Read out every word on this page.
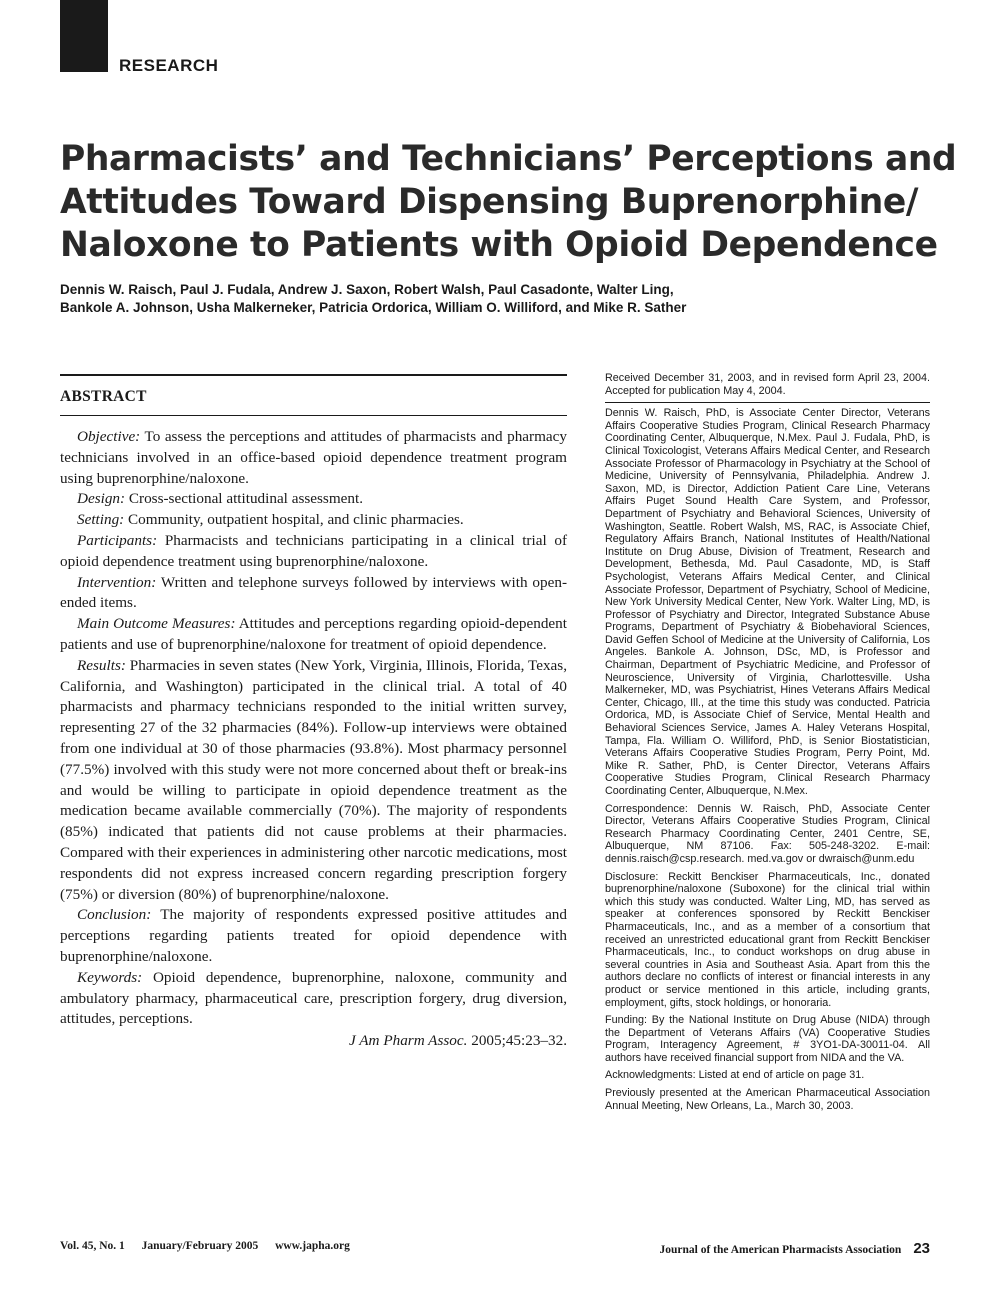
RESEARCH
Pharmacists’ and Technicians’ Perceptions and
Attitudes Toward Dispensing Buprenorphine/
Naloxone to Patients with Opioid Dependence
Dennis W. Raisch, Paul J. Fudala, Andrew J. Saxon, Robert Walsh, Paul Casadonte, Walter Ling,
Bankole A. Johnson, Usha Malkerneker, Patricia Ordorica, William O. Williford, and Mike R. Sather
ABSTRACT

Objective: To assess the perceptions and attitudes of pharmacists and pharmacy technicians involved in an office-based opioid dependence treatment program using buprenorphine/naloxone.

Design: Cross-sectional attitudinal assessment.

Setting: Community, outpatient hospital, and clinic pharmacies.

Participants: Pharmacists and technicians participating in a clinical trial of opioid dependence treatment using buprenorphine/naloxone.

Intervention: Written and telephone surveys followed by interviews with open-ended items.

Main Outcome Measures: Attitudes and perceptions regarding opioid-dependent patients and use of buprenorphine/naloxone for treatment of opioid dependence.

Results: Pharmacies in seven states (New York, Virginia, Illinois, Florida, Texas, California, and Washington) participated in the clinical trial. A total of 40 pharmacists and pharmacy technicians responded to the initial written survey, representing 27 of the 32 pharmacies (84%). Follow-up interviews were obtained from one individual at 30 of those pharmacies (93.8%). Most pharmacy personnel (77.5%) involved with this study were not more concerned about theft or break-ins and would be willing to participate in opioid dependence treatment as the medication became available commercially (70%). The majority of respondents (85%) indicated that patients did not cause problems at their pharmacies. Compared with their experiences in administering other narcotic medications, most respondents did not express increased concern regarding prescription forgery (75%) or diversion (80%) of buprenorphine/naloxone.

Conclusion: The majority of respondents expressed positive attitudes and perceptions regarding patients treated for opioid dependence with buprenorphine/naloxone.

Keywords: Opioid dependence, buprenorphine, naloxone, community and ambulatory pharmacy, pharmaceutical care, prescription forgery, drug diversion, attitudes, perceptions.

J Am Pharm Assoc. 2005;45:23–32.
Received December 31, 2003, and in revised form April 23, 2004. Accepted for publication May 4, 2004.
Dennis W. Raisch, PhD, is Associate Center Director, Veterans Affairs Cooperative Studies Program, Clinical Research Pharmacy Coordinating Center, Albuquerque, N.Mex. Paul J. Fudala, PhD, is Clinical Toxicologist, Veterans Affairs Medical Center, and Research Associate Professor of Pharmacology in Psychiatry at the School of Medicine, University of Pennsylvania, Philadelphia. Andrew J. Saxon, MD, is Director, Addiction Patient Care Line, Veterans Affairs Puget Sound Health Care System, and Professor, Department of Psychiatry and Behavioral Sciences, University of Washington, Seattle. Robert Walsh, MS, RAC, is Associate Chief, Regulatory Affairs Branch, National Institutes of Health/National Institute on Drug Abuse, Division of Treatment, Research and Development, Bethesda, Md. Paul Casadonte, MD, is Staff Psychologist, Veterans Affairs Medical Center, and Clinical Associate Professor, Department of Psychiatry, School of Medicine, New York University Medical Center, New York. Walter Ling, MD, is Professor of Psychiatry and Director, Integrated Substance Abuse Programs, Department of Psychiatry & Biobehavioral Sciences, David Geffen School of Medicine at the University of California, Los Angeles. Bankole A. Johnson, DSc, MD, is Professor and Chairman, Department of Psychiatric Medicine, and Professor of Neuroscience, University of Virginia, Charlottesville. Usha Malkerneker, MD, was Psychiatrist, Hines Veterans Affairs Medical Center, Chicago, Ill., at the time this study was conducted. Patricia Ordorica, MD, is Associate Chief of Service, Mental Health and Behavioral Sciences Service, James A. Haley Veterans Hospital, Tampa, Fla. William O. Williford, PhD, is Senior Biostatistician, Veterans Affairs Cooperative Studies Program, Perry Point, Md. Mike R. Sather, PhD, is Center Director, Veterans Affairs Cooperative Studies Program, Clinical Research Pharmacy Coordinating Center, Albuquerque, N.Mex.
Correspondence: Dennis W. Raisch, PhD, Associate Center Director, Veterans Affairs Cooperative Studies Program, Clinical Research Pharmacy Coordinating Center, 2401 Centre, SE, Albuquerque, NM 87106. Fax: 505-248-3202. E-mail: dennis.raisch@csp.research. med.va.gov or dwraisch@unm.edu
Disclosure: Reckitt Benckiser Pharmaceuticals, Inc., donated buprenorphine/naloxone (Suboxone) for the clinical trial within which this study was conducted. Walter Ling, MD, has served as speaker at conferences sponsored by Reckitt Benckiser Pharmaceuticals, Inc., and as a member of a consortium that received an unrestricted educational grant from Reckitt Benckiser Pharmaceuticals, Inc., to conduct workshops on drug abuse in several countries in Asia and Southeast Asia. Apart from this the authors declare no conflicts of interest or financial interests in any product or service mentioned in this article, including grants, employment, gifts, stock holdings, or honoraria.
Funding: By the National Institute on Drug Abuse (NIDA) through the Department of Veterans Affairs (VA) Cooperative Studies Program, Interagency Agreement, # 3YO1-DA-30011-04. All authors have received financial support from NIDA and the VA.
Acknowledgments: Listed at end of article on page 31.
Previously presented at the American Pharmaceutical Association Annual Meeting, New Orleans, La., March 30, 2003.
Vol. 45, No. 1 January/February 2005 www.japha.org	Journal of the American Pharmacists Association 23
